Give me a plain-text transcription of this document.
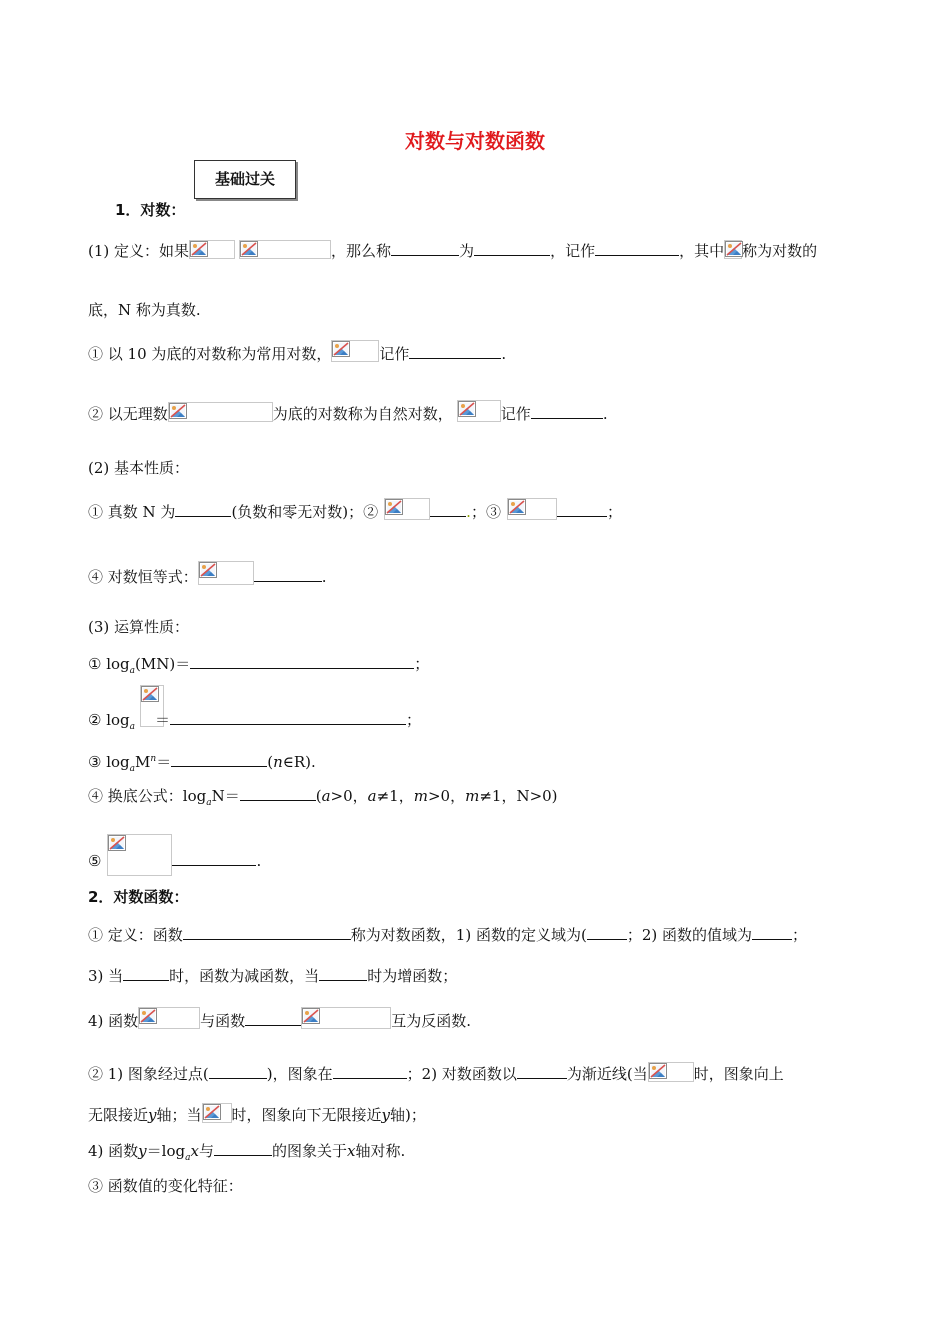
对数与对数函数
基础过关
1．对数：
(1) 定义：如果	，那么称	为	，记作	，其中 称为对数的
底，N 称为真数.
① 以 10 为底的对数称为常用对数，	记作	.
② 以无理数	为底的对数称为自然对数，	记作	.
(2) 基本性质：
① 真数 N 为	(负数和零无对数)；②	.；③	；
④ 对数恒等式：	.
(3) 运算性质：
① $\log_a(MN)=$	；
② $\log_a$ ＝	；
③ $\log_aM^n=$	(n∈R).
④ 换底公式：$\log_aN=$	(a>0，a≠1，m>0，m≠1，N>0)
⑤	.
2．对数函数：
① 定义：函数	称为对数函数，1) 函数的定义域为(	；2) 函数的值域为	；
3) 当	时，函数为减函数，当	时为增函数；
4) 函数	与函数	互为反函数.
② 1) 图象经过点(	)，图象在	；2) 对数函数以	为渐近线(当	时，图象向上
无限接近y轴；当 时，图象向下无限接近y轴)；
4) 函数$y=\log_ax$与	的图象关于x轴对称.
③ 函数值的变化特征：
